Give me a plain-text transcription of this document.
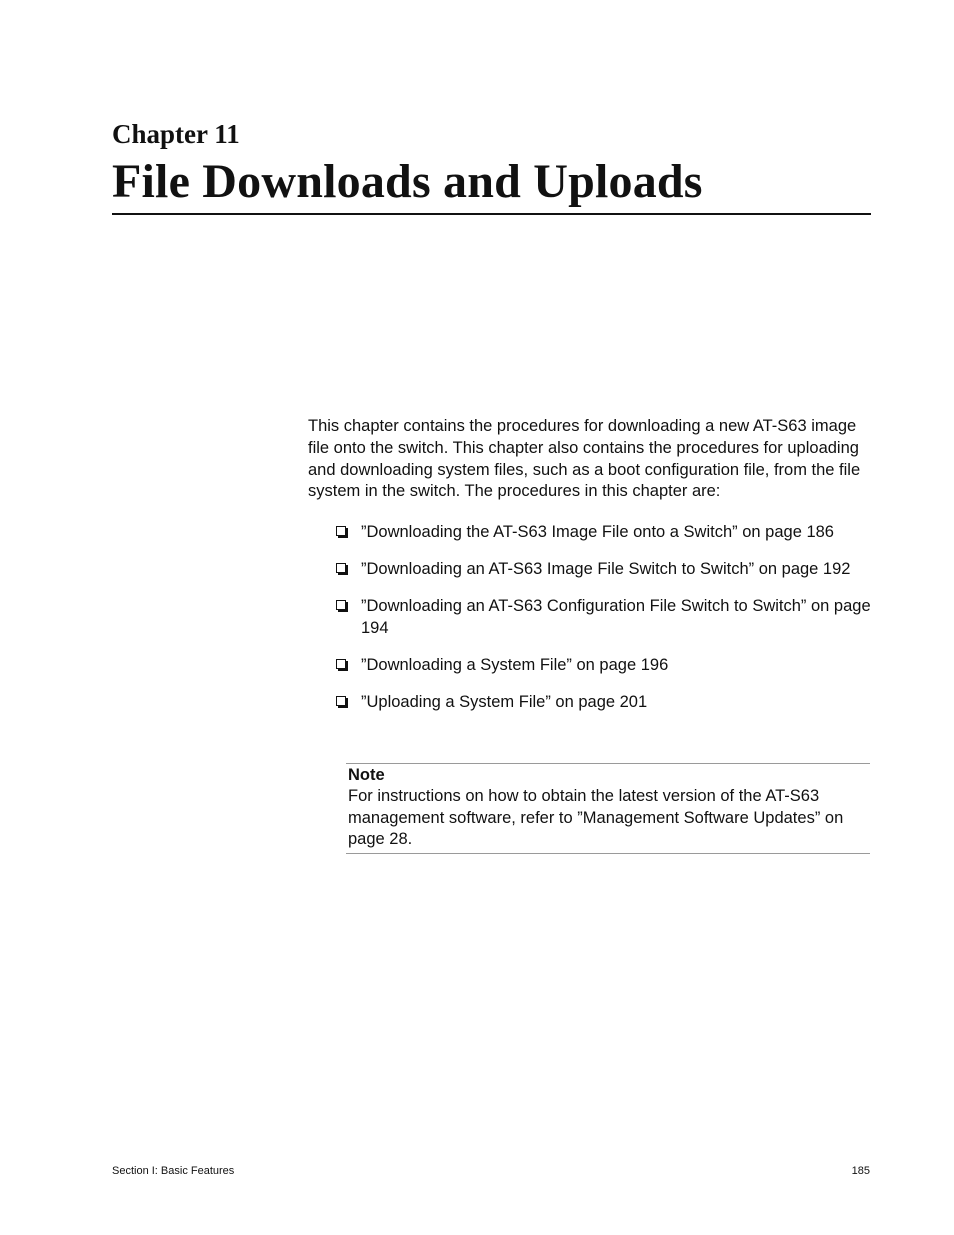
Chapter 11
File Downloads and Uploads

This chapter contains the procedures for downloading a new AT-S63 image file onto the switch. This chapter also contains the procedures for uploading and downloading system files, such as a boot configuration file, from the file system in the switch. The procedures in this chapter are:

”Downloading the AT-S63 Image File onto a Switch” on page 186
”Downloading an AT-S63 Image File Switch to Switch” on page 192
”Downloading an AT-S63 Configuration File Switch to Switch” on page 194
”Downloading a System File” on page 196
”Uploading a System File” on page 201
Note
For instructions on how to obtain the latest version of the AT-S63 management software, refer to ”Management Software Updates” on page 28.
Section I: Basic Features	185
